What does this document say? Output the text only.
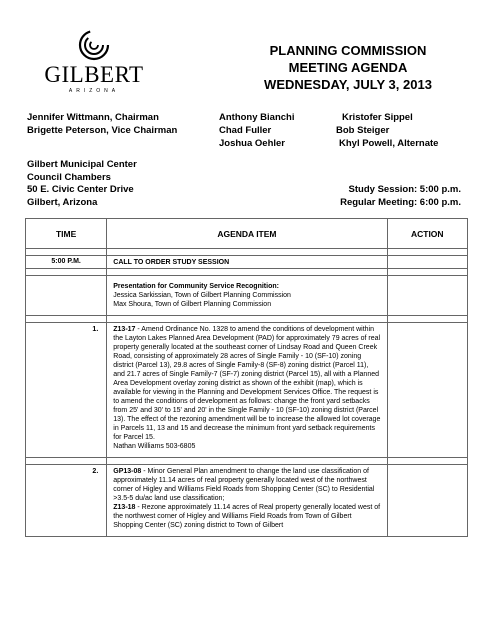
GILBERT
ARIZONA
PLANNING COMMISSION
MEETING AGENDA
WEDNESDAY, JULY 3, 2013
Jennifer Wittmann, Chairman
Brigette Peterson, Vice Chairman
Anthony Bianchi
Chad Fuller
Joshua Oehler
Kristofer Sippel
Bob Steiger
Khyl Powell, Alternate
Gilbert Municipal Center
Council Chambers
50 E. Civic Center Drive
Gilbert, Arizona
Study Session: 5:00 p.m.
Regular Meeting: 6:00 p.m.
TIME	AGENDA ITEM	ACTION

5:00 P.M.	CALL TO ORDER STUDY SESSION	

	Presentation for Community Service Recognition:
Jessica Sarkissian, Town of Gilbert Planning Commission
Max Shoura, Town of Gilbert Planning Commission	

1.	Z13-17 - Amend Ordinance No. 1328 to amend the conditions of development within the Layton Lakes Planned Area Development (PAD) for approximately 79 acres of real property generally located at the southeast corner of Lindsay Road and Queen Creek Road, consisting of approximately 28 acres of Single Family - 10 (SF-10) zoning district (Parcel 13), 29.8 acres of Single Family-8 (SF-8) zoning district (Parcel 11), and 21.7 acres of Single Family-7 (SF-7) zoning district (Parcel 15), all with a Planned Area Development overlay zoning district as shown of the exhibit (map), which is available for viewing in the Planning and Development Services Office. The request is to amend the conditions of development as follows: change the front yard setbacks from 25' and 30' to 15' and 20' in the Single Family - 10 (SF-10) zoning district (Parcel 13). The effect of the rezoning amendment will be to increase the allowed lot coverage in Parcels 11, 13 and 15 and decrease the minimum front yard setback requirements for Parcel 15.
Nathan Williams 503-6805	

2.	GP13-08 - Minor General Plan amendment to change the land use classification of approximately 11.14 acres of real property generally located west of the northwest corner of Higley and Williams Field Roads from Shopping Center (SC) to Residential >3.5-5 du/ac land use classification;
Z13-18 - Rezone approximately 11.14 acres of Real property generally located west of the northwest corner of Higley and Williams Field Roads from Town of Gilbert Shopping Center (SC) zoning district to Town of Gilbert	
